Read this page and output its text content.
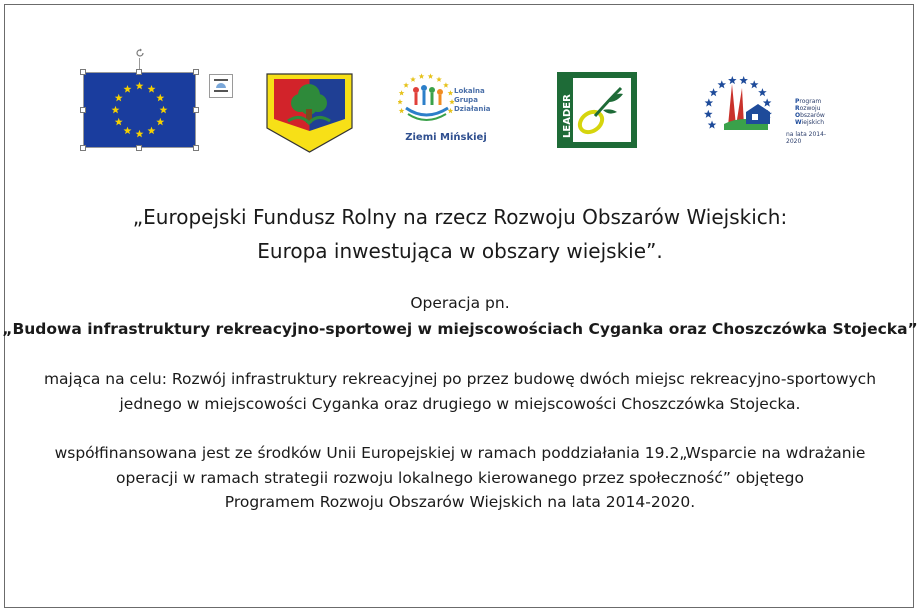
Lokalna
Grupa
Działania
Ziemi Mińskiej	LEADER	Program
Rozwoju
Obszarów
Wiejskich
na lata 2014-2020
„Europejski Fundusz Rolny na rzecz Rozwoju Obszarów Wiejskich:
Europa inwestująca w obszary wiejskie”.
Operacja pn.
„Budowa infrastruktury rekreacyjno-sportowej w miejscowościach Cyganka oraz Choszczówka Stojecka”
mająca na celu: Rozwój infrastruktury rekreacyjnej po przez budowę dwóch miejsc rekreacyjno-sportowych
jednego w miejscowości Cyganka oraz drugiego w miejscowości Choszczówka Stojecka.
współfinansowana jest ze środków Unii Europejskiej w ramach poddziałania 19.2„Wsparcie na wdrażanie
operacji w ramach strategii rozwoju lokalnego kierowanego przez społeczność” objętego
Programem Rozwoju Obszarów Wiejskich na lata 2014-2020.
